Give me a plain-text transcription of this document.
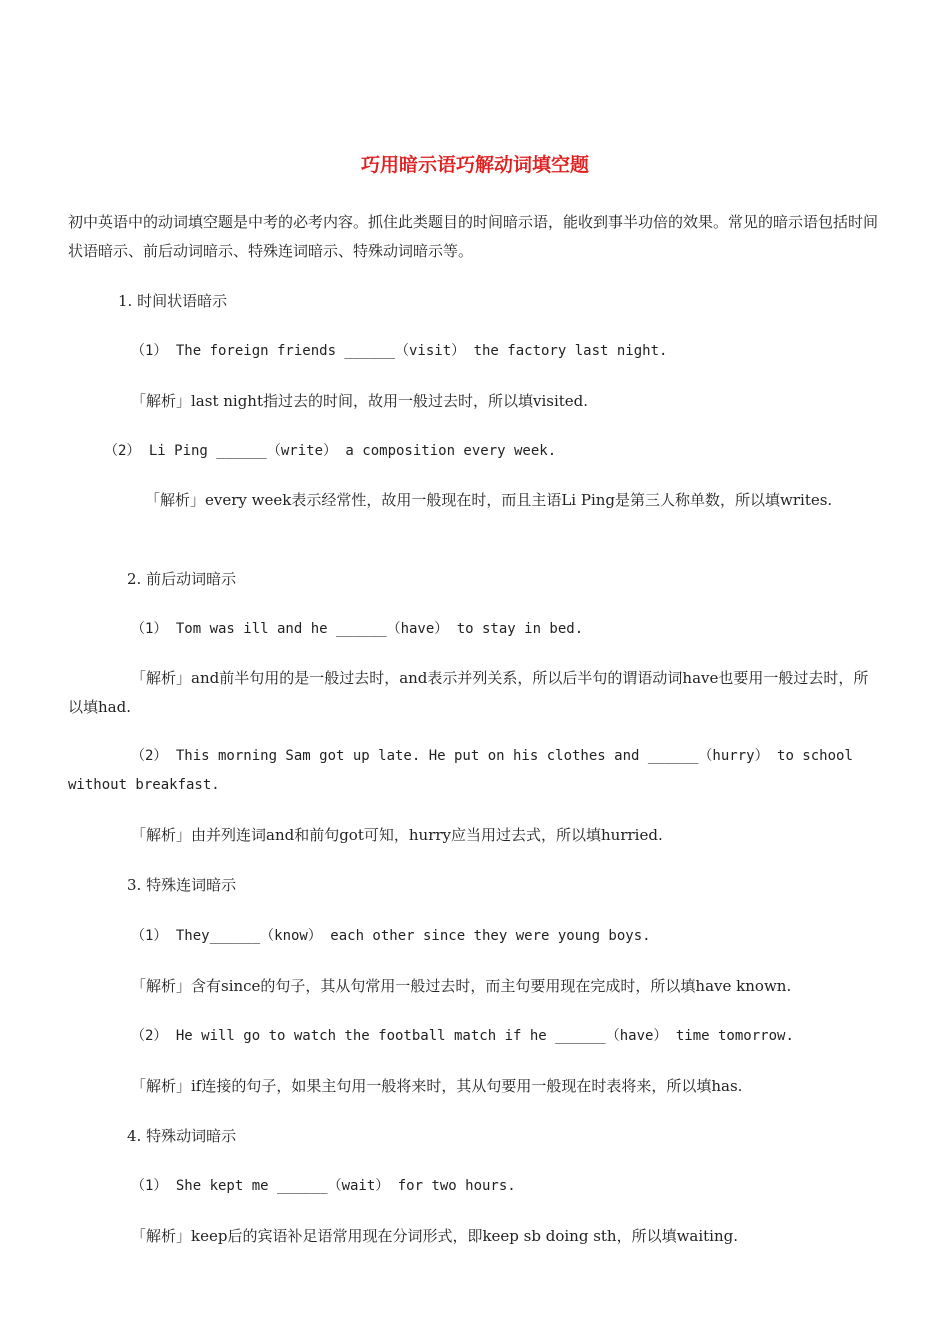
巧用暗示语巧解动词填空题

初中英语中的动词填空题是中考的必考内容。抓住此类题目的时间暗示语，能收到事半功倍的效果。常见的暗示语包括时间状语暗示、前后动词暗示、特殊连词暗示、特殊动词暗示等。

1. 时间状语暗示

（1） The foreign friends ______（visit） the factory last night.

「解析」last night指过去的时间，故用一般过去时，所以填visited.

（2） Li Ping ______（write） a composition every week.

「解析」every week表示经常性，故用一般现在时，而且主语Li Ping是第三人称单数，所以填writes.

2. 前后动词暗示

（1） Tom was ill and he ______（have） to stay in bed.

「解析」and前半句用的是一般过去时，and表示并列关系，所以后半句的谓语动词have也要用一般过去时，所以填had.

（2） This morning Sam got up late. He put on his clothes and ______（hurry） to school without breakfast.

「解析」由并列连词and和前句got可知，hurry应当用过去式，所以填hurried.

3. 特殊连词暗示

（1） They______（know） each other since they were young boys.

「解析」含有since的句子，其从句常用一般过去时，而主句要用现在完成时，所以填have known.

（2） He will go to watch the football match if he ______（have） time tomorrow.

「解析」if连接的句子，如果主句用一般将来时，其从句要用一般现在时表将来，所以填has.

4. 特殊动词暗示

（1） She kept me ______（wait） for two hours.

「解析」keep后的宾语补足语常用现在分词形式，即keep sb doing sth，所以填waiting.
